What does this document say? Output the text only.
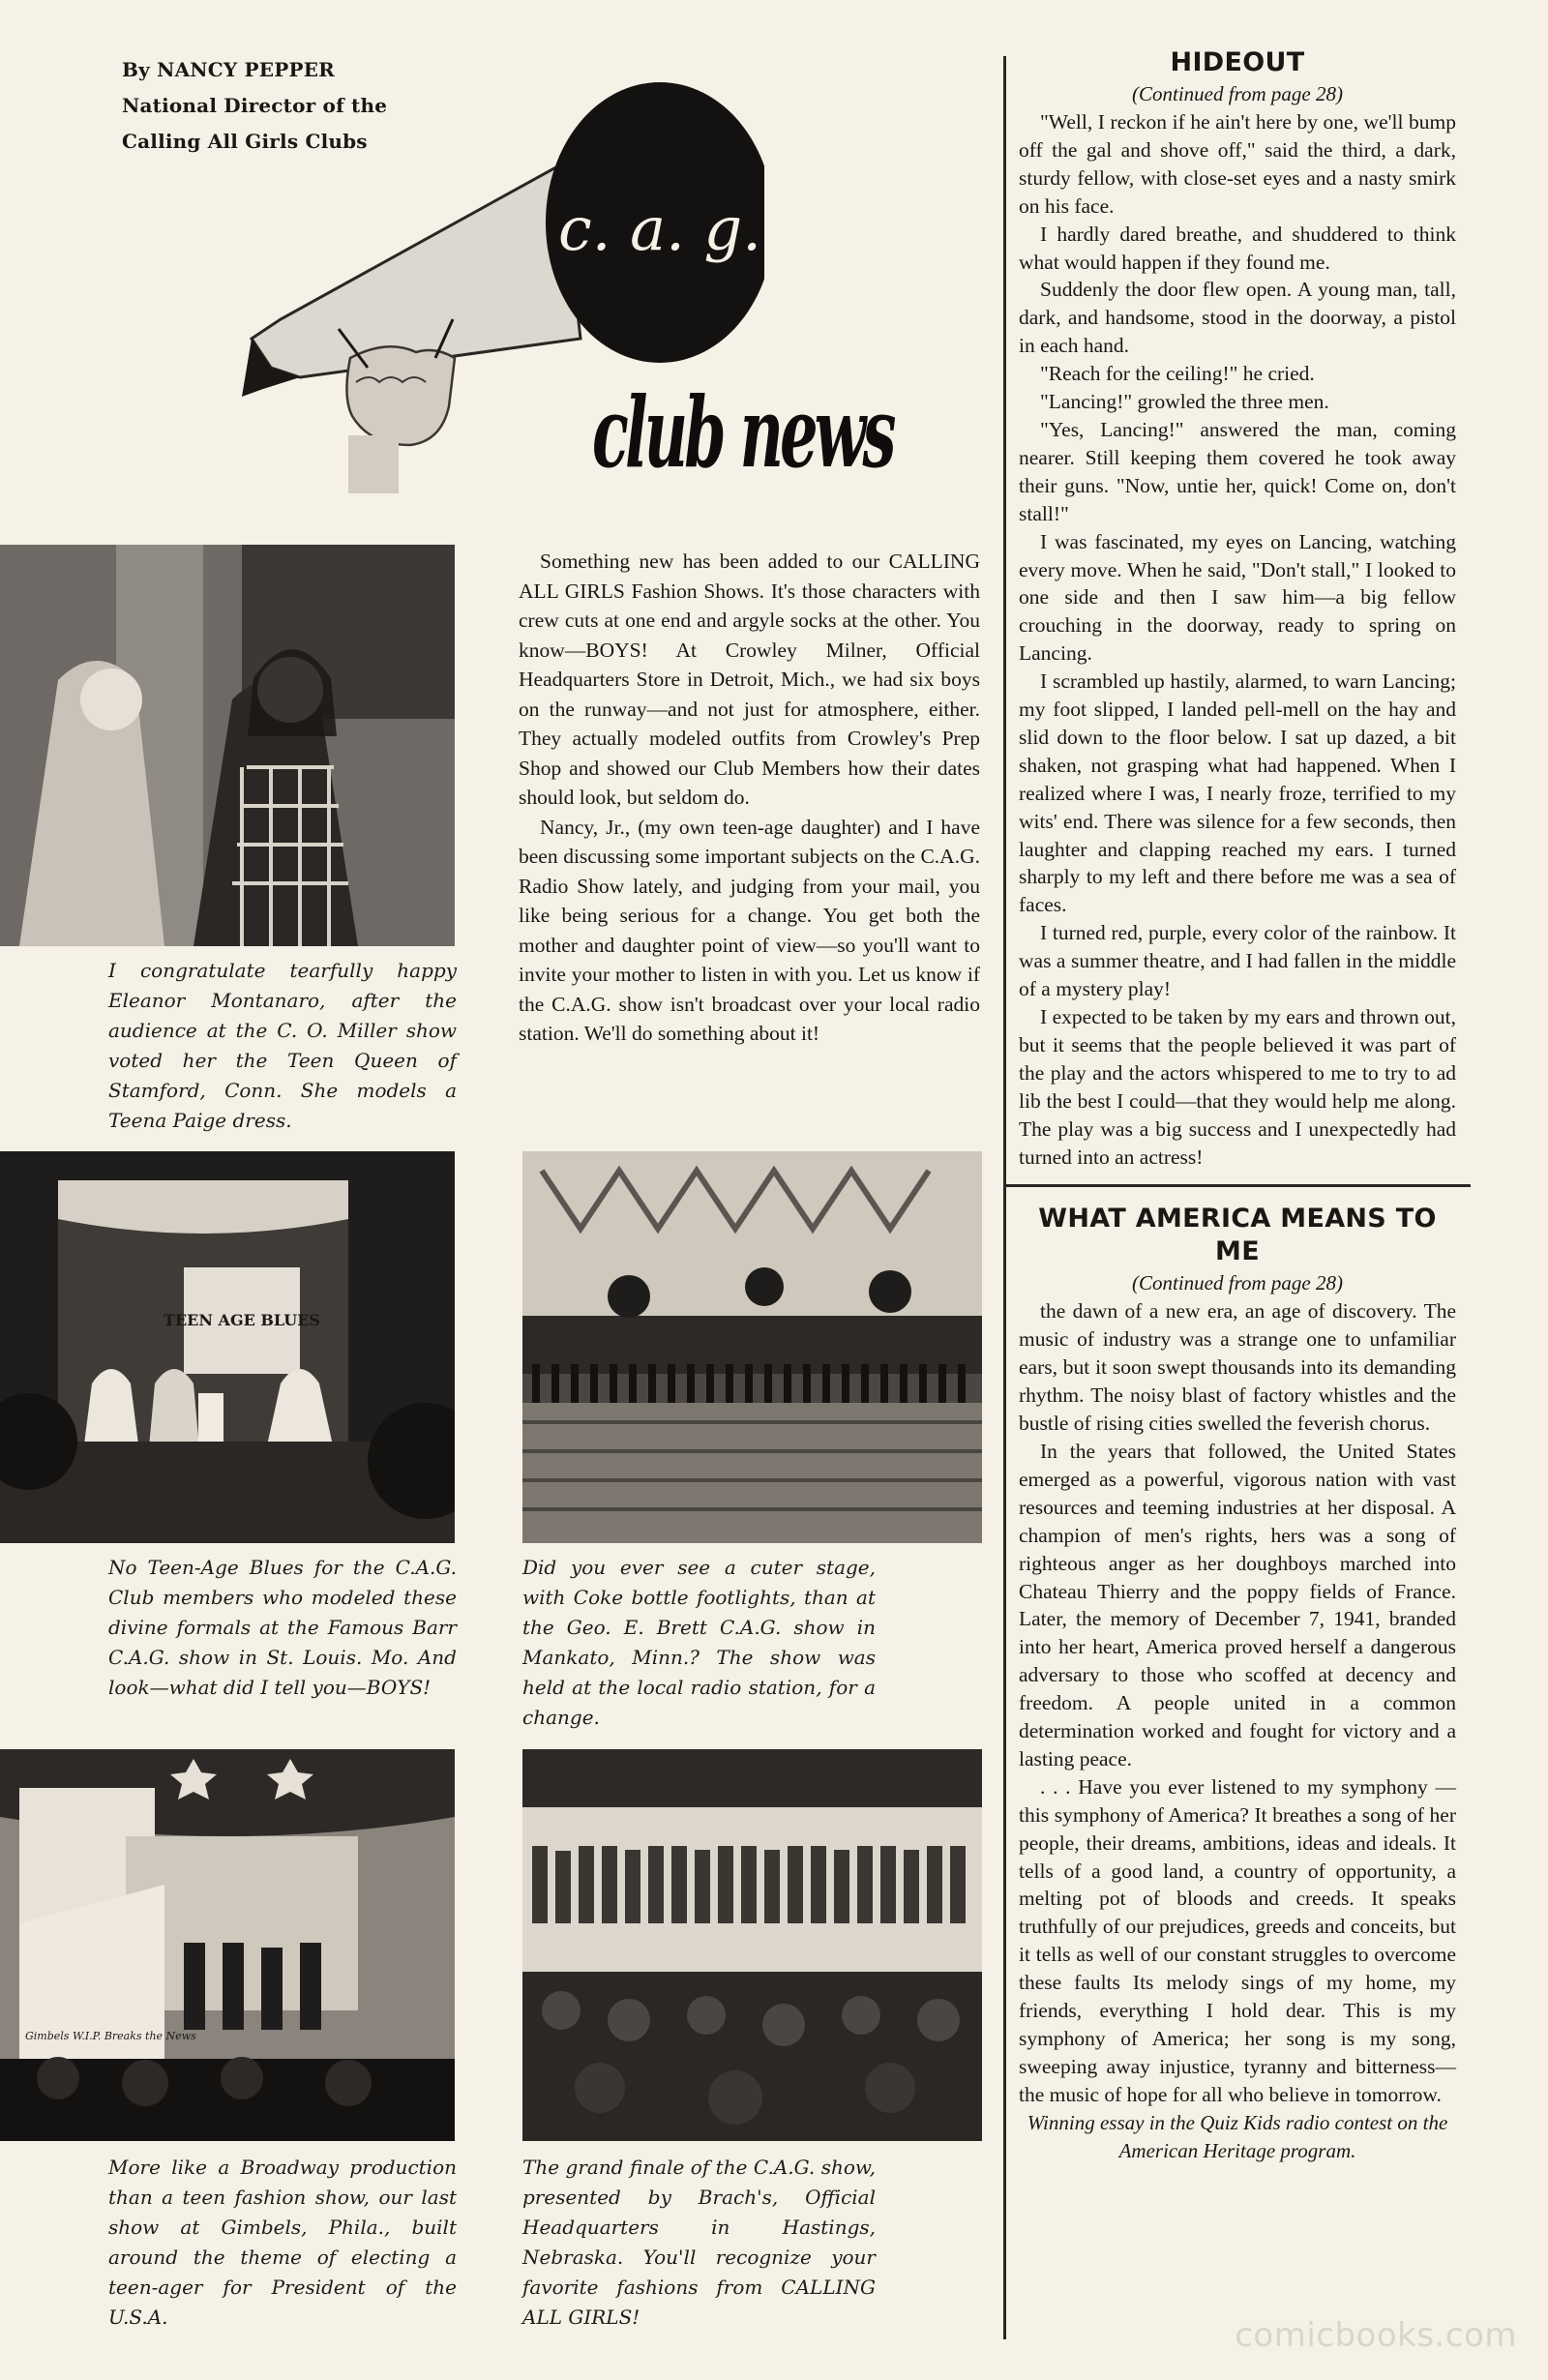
By NANCY PEPPER
National Director of the
Calling All Girls Clubs
c. a. g.
club news
I congratulate tearfully happy Eleanor Montanaro, after the audience at the C. O. Miller show voted her the Teen Queen of Stamford, Conn. She models a Teena Paige dress.
TEEN AGE BLUES
No Teen-Age Blues for the C.A.G. Club members who modeled these divine formals at the Famous Barr C.A.G. show in St. Louis. Mo. And look—what did I tell you—BOYS!
Did you ever see a cuter stage, with Coke bottle footlights, than at the Geo. E. Brett C.A.G. show in Mankato, Minn.? The show was held at the local radio station, for a change.
Gimbels W.I.P. Breaks the News
More like a Broadway production than a teen fashion show, our last show at Gimbels, Phila., built around the theme of electing a teen-ager for President of the U.S.A.
The grand finale of the C.A.G. show, presented by Brach's, Official Headquarters in Hastings, Nebraska. You'll recognize your favorite fashions from CALLING ALL GIRLS!

Something new has been added to our CALLING ALL GIRLS Fashion Shows. It's those characters with crew cuts at one end and argyle socks at the other. You know—BOYS! At Crowley Milner, Official Headquarters Store in Detroit, Mich., we had six boys on the runway—and not just for atmosphere, either. They actually modeled outfits from Crowley's Prep Shop and showed our Club Members how their dates should look, but seldom do.

Nancy, Jr., (my own teen-age daughter) and I have been discussing some important subjects on the C.A.G. Radio Show lately, and judging from your mail, you like being serious for a change. You get both the mother and daughter point of view—so you'll want to invite your mother to listen in with you. Let us know if the C.A.G. show isn't broadcast over your local radio station. We'll do something about it!

HIDEOUT
(Continued from page 28)

"Well, I reckon if he ain't here by one, we'll bump off the gal and shove off," said the third, a dark, sturdy fellow, with close-set eyes and a nasty smirk on his face.

I hardly dared breathe, and shuddered to think what would happen if they found me.

Suddenly the door flew open. A young man, tall, dark, and handsome, stood in the doorway, a pistol in each hand.

"Reach for the ceiling!" he cried.

"Lancing!" growled the three men.

"Yes, Lancing!" answered the man, coming nearer. Still keeping them covered he took away their guns. "Now, untie her, quick! Come on, don't stall!"

I was fascinated, my eyes on Lancing, watching every move. When he said, "Don't stall," I looked to one side and then I saw him—a big fellow crouching in the doorway, ready to spring on Lancing.

I scrambled up hastily, alarmed, to warn Lancing; my foot slipped, I landed pell-mell on the hay and slid down to the floor below. I sat up dazed, a bit shaken, not grasping what had happened. When I realized where I was, I nearly froze, terrified to my wits' end. There was silence for a few seconds, then laughter and clapping reached my ears. I turned sharply to my left and there before me was a sea of faces.

I turned red, purple, every color of the rainbow. It was a summer theatre, and I had fallen in the middle of a mystery play!

I expected to be taken by my ears and thrown out, but it seems that the people believed it was part of the play and the actors whispered to me to try to ad lib the best I could—that they would help me along. The play was a big success and I unexpectedly had turned into an actress!

WHAT AMERICA MEANS TO ME
(Continued from page 28)

the dawn of a new era, an age of discovery. The music of industry was a strange one to unfamiliar ears, but it soon swept thousands into its demanding rhythm. The noisy blast of factory whistles and the bustle of rising cities swelled the feverish chorus.

In the years that followed, the United States emerged as a powerful, vigorous nation with vast resources and teeming industries at her disposal. A champion of men's rights, hers was a song of righteous anger as her doughboys marched into Chateau Thierry and the poppy fields of France. Later, the memory of December 7, 1941, branded into her heart, America proved herself a dangerous adversary to those who scoffed at decency and freedom. A people united in a common determination worked and fought for victory and a lasting peace.

. . . Have you ever listened to my symphony —this symphony of America? It breathes a song of her people, their dreams, ambitions, ideas and ideals. It tells of a good land, a country of opportunity, a melting pot of bloods and creeds. It speaks truthfully of our prejudices, greeds and conceits, but it tells as well of our constant struggles to overcome these faults Its melody sings of my home, my friends, everything I hold dear. This is my symphony of America; her song is my song, sweeping away injustice, tyranny and bitterness—the music of hope for all who believe in tomorrow.

Winning essay in the Quiz Kids radio contest on the American Heritage program.
comicbooks.com
